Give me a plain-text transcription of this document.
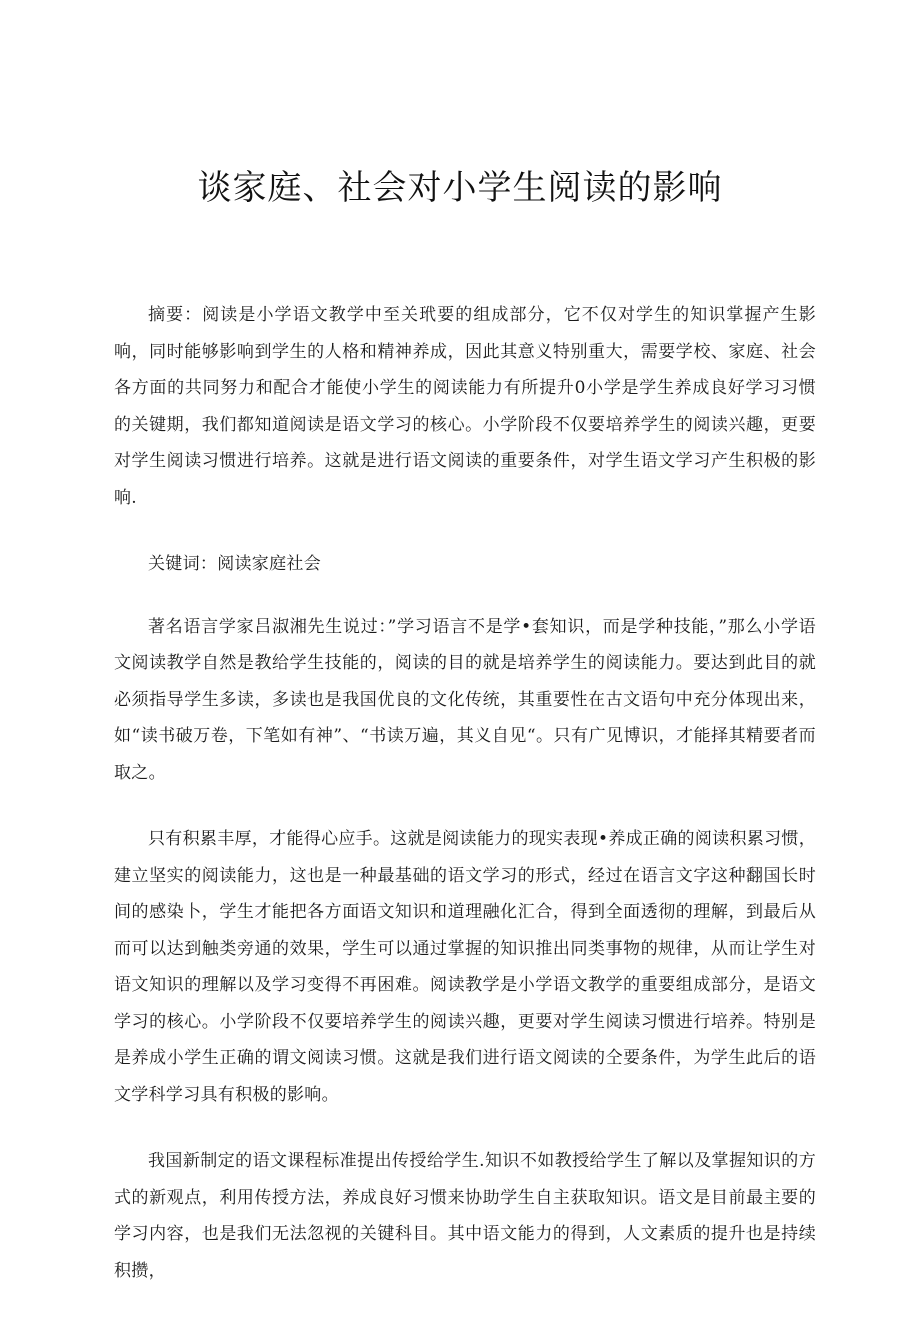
谈家庭、社会对小学生阅读的影响

摘要：阅读是小学语文教学中至关玳要的组成部分，它不仅对学生的知识掌握产生影响，同时能够影响到学生的人格和精神养成，因此其意义特别重大，需要学校、家庭、社会各方面的共同努力和配合才能使小学生的阅读能力有所提升0小学是学生养成良好学习习惯的关键期，我们都知道阅读是语文学习的核心。小学阶段不仅要培养学生的阅读兴趣，更要对学生阅读习惯进行培养。这就是进行语文阅读的重要条件，对学生语文学习产生积极的影响.

关键词：阅读家庭社会

著名语言学家吕淑湘先生说过：”学习语言不是学•套知识，而是学种技能，”那么小学语文阅读教学自然是教给学生技能的，阅读的目的就是培养学生的阅读能力。要达到此目的就必须指导学生多读，多读也是我国优良的文化传统，其重要性在古文语句中充分体现出来，如“读书破万卷，下笔如有神”、“书读万遍，其义自见“。只有广见博识，才能择其精要者而取之。

只有积累丰厚，才能得心应手。这就是阅读能力的现实表现•养成正确的阅读积累习惯，建立坚实的阅读能力，这也是一种最基础的语文学习的形式，经过在语言文字这种翻国长时间的感染卜，学生才能把各方面语文知识和道理融化汇合，得到全面透彻的理解，到最后从而可以达到触类旁通的效果，学生可以通过掌握的知识推出同类事物的规律，从而让学生对语文知识的理解以及学习变得不再困难。阅读教学是小学语文教学的重要组成部分，是语文学习的核心。小学阶段不仅要培养学生的阅读兴趣，更要对学生阅读习惯进行培养。特别是是养成小学生正确的谓文阅读习惯。这就是我们进行语文阅读的仝要条件，为学生此后的语文学科学习具有积极的影响。

我国新制定的语文课程标准提出传授给学生.知识不如教授给学生了解以及掌握知识的方式的新观点，利用传授方法，养成良好习惯来协助学生自主获取知识。语文是目前最主要的学习内容，也是我们无法忽视的关键科目。其中语文能力的得到，人文素质的提升也是持续积攒，
